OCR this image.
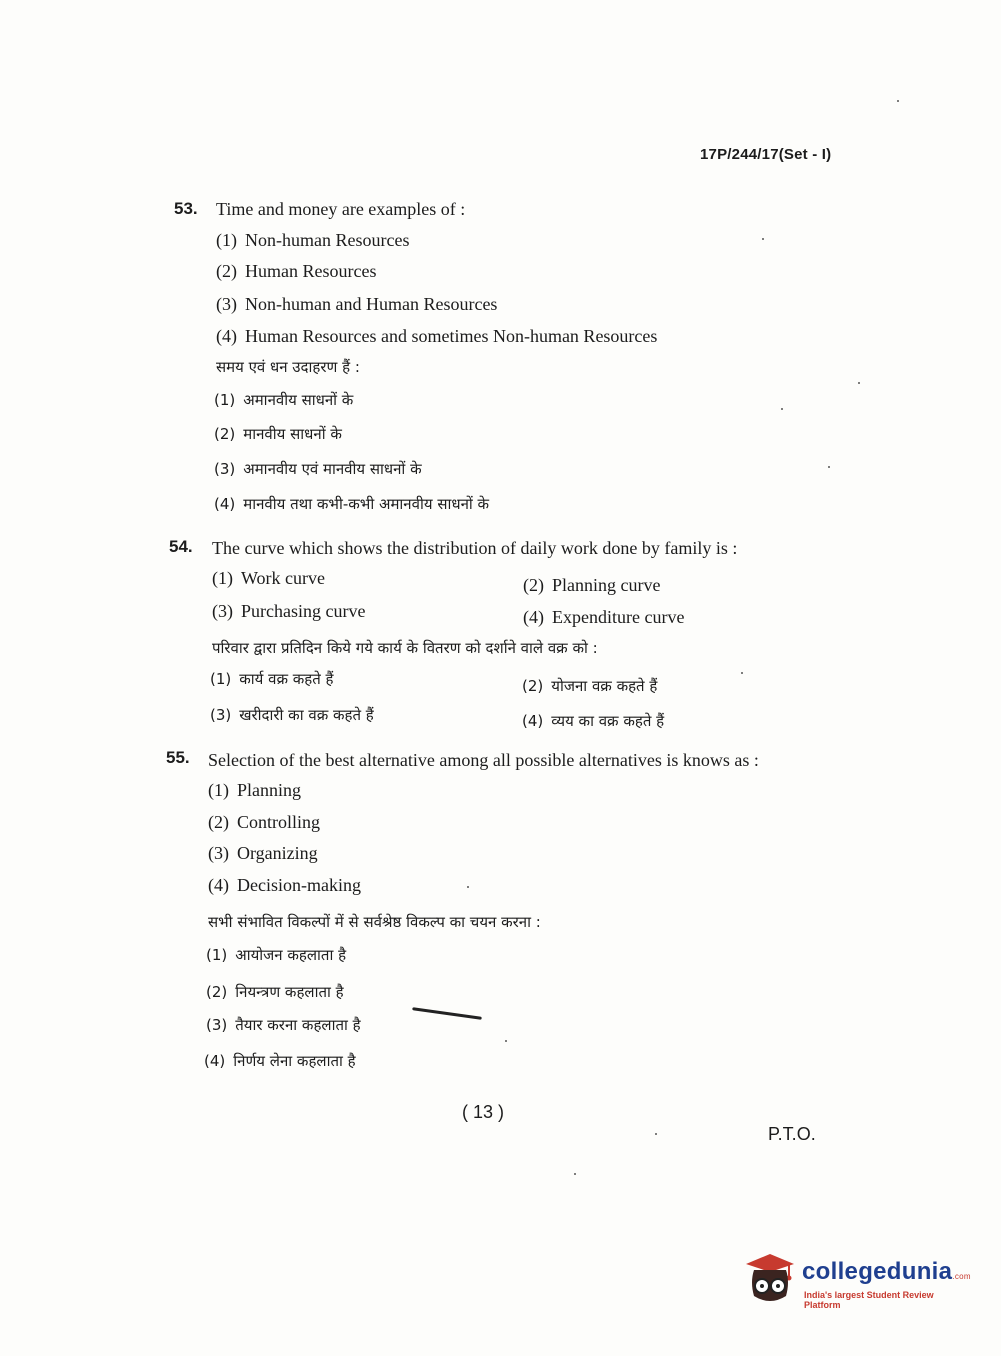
17P/244/17(Set - I)
53. Time and money are examples of :
(1) Non-human Resources
(2) Human Resources
(3) Non-human and Human Resources
(4) Human Resources and sometimes Non-human Resources
समय एवं धन उदाहरण हैं :
(1) अमानवीय साधनों के
(2) मानवीय साधनों के
(3) अमानवीय एवं मानवीय साधनों के
(4) मानवीय तथा कभी-कभी अमानवीय साधनों के
54. The curve which shows the distribution of daily work done by family is :
(1) Work curve	(2) Planning curve
(3) Purchasing curve	(4) Expenditure curve
परिवार द्वारा प्रतिदिन किये गये कार्य के वितरण को दर्शाने वाले वक्र को :
(1) कार्य वक्र कहते हैं	(2) योजना वक्र कहते हैं
(3) खरीदारी का वक्र कहते हैं	(4) व्यय का वक्र कहते हैं
55. Selection of the best alternative among all possible alternatives is knows as :
(1) Planning
(2) Controlling
(3) Organizing
(4) Decision-making
सभी संभावित विकल्पों में से सर्वश्रेष्ठ विकल्प का चयन करना :
(1) आयोजन कहलाता है
(2) नियन्त्रण कहलाता है
(3) तैयार करना कहलाता है
(4) निर्णय लेना कहलाता है
( 13 )
P.T.O.
collegedunia.com
India's largest Student Review Platform
